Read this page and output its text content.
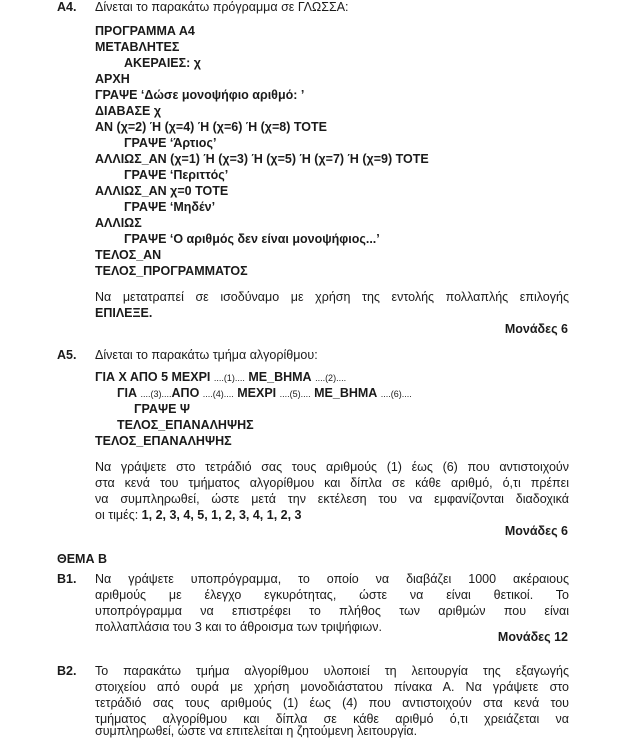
A4. Δίνεται το παρακάτω πρόγραμμα σε ΓΛΩΣΣΑ:
ΠΡΟΓΡΑΜΜΑ Α4
ΜΕΤΑΒΛΗΤΕΣ
ΑΚΕΡΑΙΕΣ: χ
ΑΡΧΗ
ΓΡΑΨΕ ‘Δώσε μονοψήφιο αριθμό: ’
ΔΙΑΒΑΣΕ χ
ΑΝ (χ=2) Ή (χ=4) Ή (χ=6) Ή (χ=8) ΤΟΤΕ
ΓΡΑΨΕ ‘Άρτιος’
ΑΛΛΙΩΣ_ΑΝ (χ=1) Ή (χ=3) Ή (χ=5) Ή (χ=7) Ή (χ=9) ΤΟΤΕ
ΓΡΑΨΕ ‘Περιττός’
ΑΛΛΙΩΣ_ΑΝ χ=0 ΤΟΤΕ
ΓΡΑΨΕ ‘Μηδέν’
ΑΛΛΙΩΣ
ΓΡΑΨΕ ‘Ο αριθμός δεν είναι μονοψήφιος...’
ΤΕΛΟΣ_ΑΝ
ΤΕΛΟΣ_ΠΡΟΓΡΑΜΜΑΤΟΣ
Να μετατραπεί σε ισοδύναμο με χρήση της εντολής πολλαπλής επιλογής
ΕΠΙΛΕΞΕ.
Μονάδες 6
A5. Δίνεται το παρακάτω τμήμα αλγορίθμου:
ΓΙΑ Χ ΑΠΟ 5 ΜΕΧΡΙ ....(1).... ΜΕ_ΒΗΜΑ ....(2)....
ΓΙΑ ....(3)....ΑΠΟ ....(4).... ΜΕΧΡΙ ....(5).... ΜΕ_ΒΗΜΑ ....(6)....
ΓΡΑΨΕ Ψ
ΤΕΛΟΣ_ΕΠΑΝΑΛΗΨΗΣ
ΤΕΛΟΣ_ΕΠΑΝΑΛΗΨΗΣ
Να γράψετε στο τετράδιό σας τους αριθμούς (1) έως (6) που αντιστοιχούν
στα κενά του τμήματος αλγορίθμου και δίπλα σε κάθε αριθμό, ό,τι πρέπει
να συμπληρωθεί, ώστε μετά την εκτέλεση του να εμφανίζονται διαδοχικά
οι τιμές: 1, 2, 3, 4, 5, 1, 2, 3, 4, 1, 2, 3
Μονάδες 6
ΘΕΜΑ Β
Β1. Να γράψετε υποπρόγραμμα, το οποίο να διαβάζει 1000 ακέραιους
αριθμούς με έλεγχο εγκυρότητας, ώστε να είναι θετικοί. Το
υποπρόγραμμα να επιστρέφει το πλήθος των αριθμών που είναι
πολλαπλάσια του 3 και το άθροισμα των τριψήφιων.
Μονάδες 12
Β2. Το παρακάτω τμήμα αλγορίθμου υλοποιεί τη λειτουργία της εξαγωγής
στοιχείου από ουρά με χρήση μονοδιάστατου πίνακα Α. Να γράψετε στο
τετράδιό σας τους αριθμούς (1) έως (4) που αντιστοιχούν στα κενά του
τμήματος αλγορίθμου και δίπλα σε κάθε αριθμό ό,τι χρειάζεται να
συμπληρωθεί, ώστε να επιτελείται η ζητούμενη λειτουργία.
